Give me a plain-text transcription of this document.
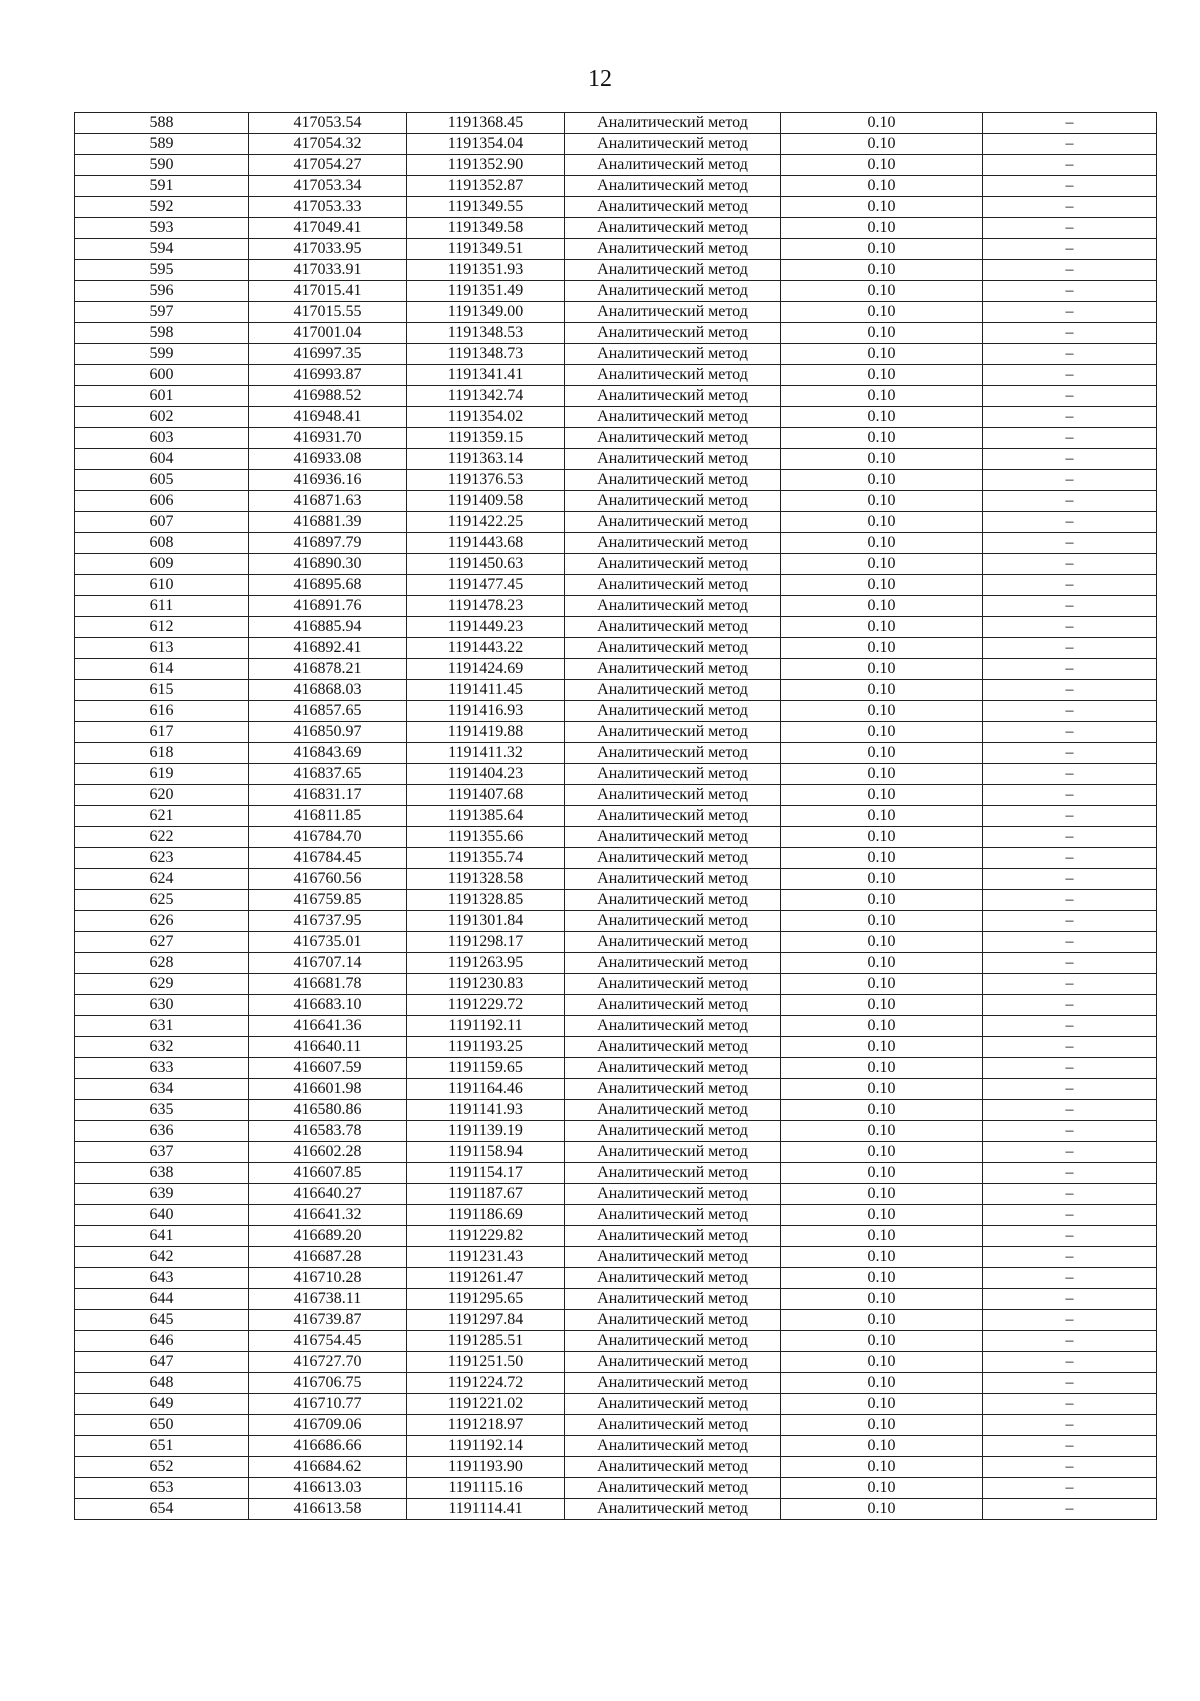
12
588	417053.54	1191368.45	Аналитический метод	0.10	–
589	417054.32	1191354.04	Аналитический метод	0.10	–
590	417054.27	1191352.90	Аналитический метод	0.10	–
591	417053.34	1191352.87	Аналитический метод	0.10	–
592	417053.33	1191349.55	Аналитический метод	0.10	–
593	417049.41	1191349.58	Аналитический метод	0.10	–
594	417033.95	1191349.51	Аналитический метод	0.10	–
595	417033.91	1191351.93	Аналитический метод	0.10	–
596	417015.41	1191351.49	Аналитический метод	0.10	–
597	417015.55	1191349.00	Аналитический метод	0.10	–
598	417001.04	1191348.53	Аналитический метод	0.10	–
599	416997.35	1191348.73	Аналитический метод	0.10	–
600	416993.87	1191341.41	Аналитический метод	0.10	–
601	416988.52	1191342.74	Аналитический метод	0.10	–
602	416948.41	1191354.02	Аналитический метод	0.10	–
603	416931.70	1191359.15	Аналитический метод	0.10	–
604	416933.08	1191363.14	Аналитический метод	0.10	–
605	416936.16	1191376.53	Аналитический метод	0.10	–
606	416871.63	1191409.58	Аналитический метод	0.10	–
607	416881.39	1191422.25	Аналитический метод	0.10	–
608	416897.79	1191443.68	Аналитический метод	0.10	–
609	416890.30	1191450.63	Аналитический метод	0.10	–
610	416895.68	1191477.45	Аналитический метод	0.10	–
611	416891.76	1191478.23	Аналитический метод	0.10	–
612	416885.94	1191449.23	Аналитический метод	0.10	–
613	416892.41	1191443.22	Аналитический метод	0.10	–
614	416878.21	1191424.69	Аналитический метод	0.10	–
615	416868.03	1191411.45	Аналитический метод	0.10	–
616	416857.65	1191416.93	Аналитический метод	0.10	–
617	416850.97	1191419.88	Аналитический метод	0.10	–
618	416843.69	1191411.32	Аналитический метод	0.10	–
619	416837.65	1191404.23	Аналитический метод	0.10	–
620	416831.17	1191407.68	Аналитический метод	0.10	–
621	416811.85	1191385.64	Аналитический метод	0.10	–
622	416784.70	1191355.66	Аналитический метод	0.10	–
623	416784.45	1191355.74	Аналитический метод	0.10	–
624	416760.56	1191328.58	Аналитический метод	0.10	–
625	416759.85	1191328.85	Аналитический метод	0.10	–
626	416737.95	1191301.84	Аналитический метод	0.10	–
627	416735.01	1191298.17	Аналитический метод	0.10	–
628	416707.14	1191263.95	Аналитический метод	0.10	–
629	416681.78	1191230.83	Аналитический метод	0.10	–
630	416683.10	1191229.72	Аналитический метод	0.10	–
631	416641.36	1191192.11	Аналитический метод	0.10	–
632	416640.11	1191193.25	Аналитический метод	0.10	–
633	416607.59	1191159.65	Аналитический метод	0.10	–
634	416601.98	1191164.46	Аналитический метод	0.10	–
635	416580.86	1191141.93	Аналитический метод	0.10	–
636	416583.78	1191139.19	Аналитический метод	0.10	–
637	416602.28	1191158.94	Аналитический метод	0.10	–
638	416607.85	1191154.17	Аналитический метод	0.10	–
639	416640.27	1191187.67	Аналитический метод	0.10	–
640	416641.32	1191186.69	Аналитический метод	0.10	–
641	416689.20	1191229.82	Аналитический метод	0.10	–
642	416687.28	1191231.43	Аналитический метод	0.10	–
643	416710.28	1191261.47	Аналитический метод	0.10	–
644	416738.11	1191295.65	Аналитический метод	0.10	–
645	416739.87	1191297.84	Аналитический метод	0.10	–
646	416754.45	1191285.51	Аналитический метод	0.10	–
647	416727.70	1191251.50	Аналитический метод	0.10	–
648	416706.75	1191224.72	Аналитический метод	0.10	–
649	416710.77	1191221.02	Аналитический метод	0.10	–
650	416709.06	1191218.97	Аналитический метод	0.10	–
651	416686.66	1191192.14	Аналитический метод	0.10	–
652	416684.62	1191193.90	Аналитический метод	0.10	–
653	416613.03	1191115.16	Аналитический метод	0.10	–
654	416613.58	1191114.41	Аналитический метод	0.10	–
